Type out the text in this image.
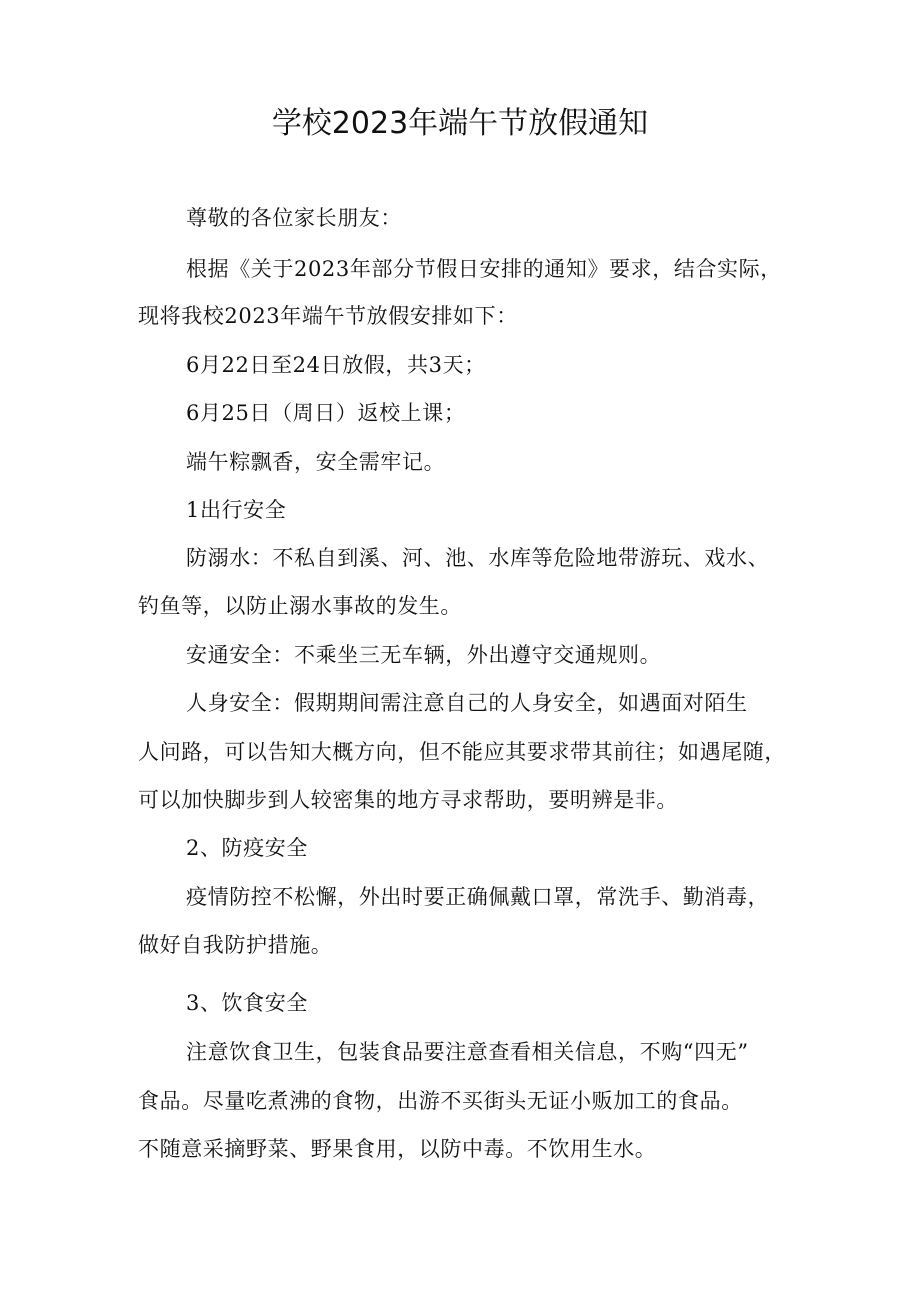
学校2023年端午节放假通知

尊敬的各位家长朋友：

根据《关于2023年部分节假日安排的通知》要求，结合实际，

现将我校2023年端午节放假安排如下：

6月22日至24日放假，共3天；

6月25日（周日）返校上课；

端午粽飘香，安全需牢记。

1出行安全

防溺水：不私自到溪、河、池、水库等危险地带游玩、戏水、

钓鱼等，以防止溺水事故的发生。

安通安全：不乘坐三无车辆，外出遵守交通规则。

人身安全：假期期间需注意自己的人身安全，如遇面对陌生

人问路，可以告知大概方向，但不能应其要求带其前往；如遇尾随，

可以加快脚步到人较密集的地方寻求帮助，要明辨是非。

2、防疫安全

疫情防控不松懈，外出时要正确佩戴口罩，常洗手、勤消毒，

做好自我防护措施。

3、饮食安全

注意饮食卫生，包装食品要注意查看相关信息，不购“四无”

食品。尽量吃煮沸的食物，出游不买街头无证小贩加工的食品。

不随意采摘野菜、野果食用，以防中毒。不饮用生水。
